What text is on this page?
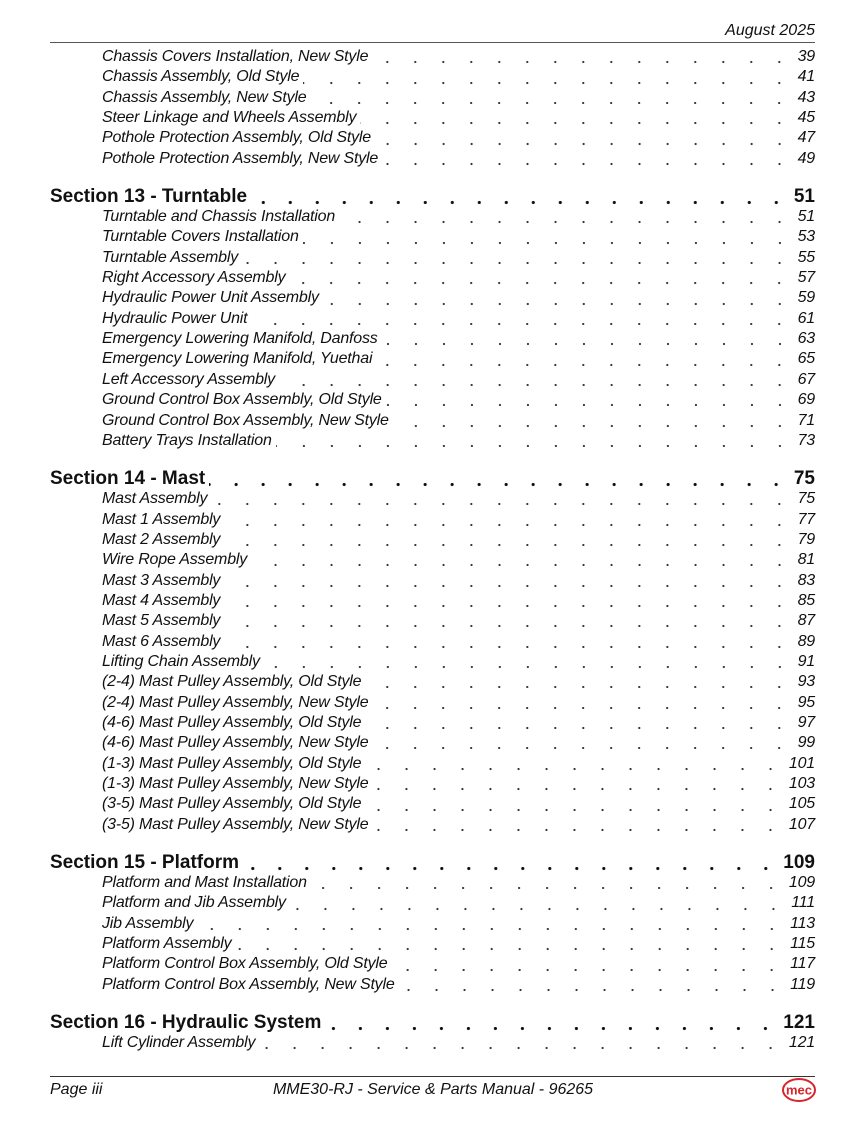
August 2025
Chassis Covers Installation, New Style	39
Chassis Assembly, Old Style	41
Chassis Assembly, New Style	43
Steer Linkage and Wheels Assembly	45
Pothole Protection Assembly, Old Style	47
Pothole Protection Assembly, New Style	49
Section 13 - Turntable	51
Turntable and Chassis Installation	51
Turntable Covers Installation	53
Turntable Assembly	55
Right Accessory Assembly	57
Hydraulic Power Unit Assembly	59
Hydraulic Power Unit	61
Emergency Lowering Manifold, Danfoss	63
Emergency Lowering Manifold, Yuethai	65
Left Accessory Assembly	67
Ground Control Box Assembly, Old Style	69
Ground Control Box Assembly, New Style	71
Battery Trays Installation	73
Section 14 - Mast	75
Mast Assembly	75
Mast 1 Assembly	77
Mast 2 Assembly	79
Wire Rope Assembly	81
Mast 3 Assembly	83
Mast 4 Assembly	85
Mast 5 Assembly	87
Mast 6 Assembly	89
Lifting Chain Assembly	91
(2-4) Mast Pulley Assembly, Old Style	93
(2-4) Mast Pulley Assembly, New Style	95
(4-6) Mast Pulley Assembly, Old Style	97
(4-6) Mast Pulley Assembly, New Style	99
(1-3) Mast Pulley Assembly, Old Style	101
(1-3) Mast Pulley Assembly, New Style	103
(3-5) Mast Pulley Assembly, Old Style	105
(3-5) Mast Pulley Assembly, New Style	107
Section 15 - Platform	109
Platform and Mast Installation	109
Platform and Jib Assembly	111
Jib Assembly	113
Platform Assembly	115
Platform Control Box Assembly, Old Style	117
Platform Control Box Assembly, New Style	119
Section 16 - Hydraulic System	121
Lift Cylinder Assembly	121
Page iii	MME30-RJ - Service & Parts Manual - 96265	mec
